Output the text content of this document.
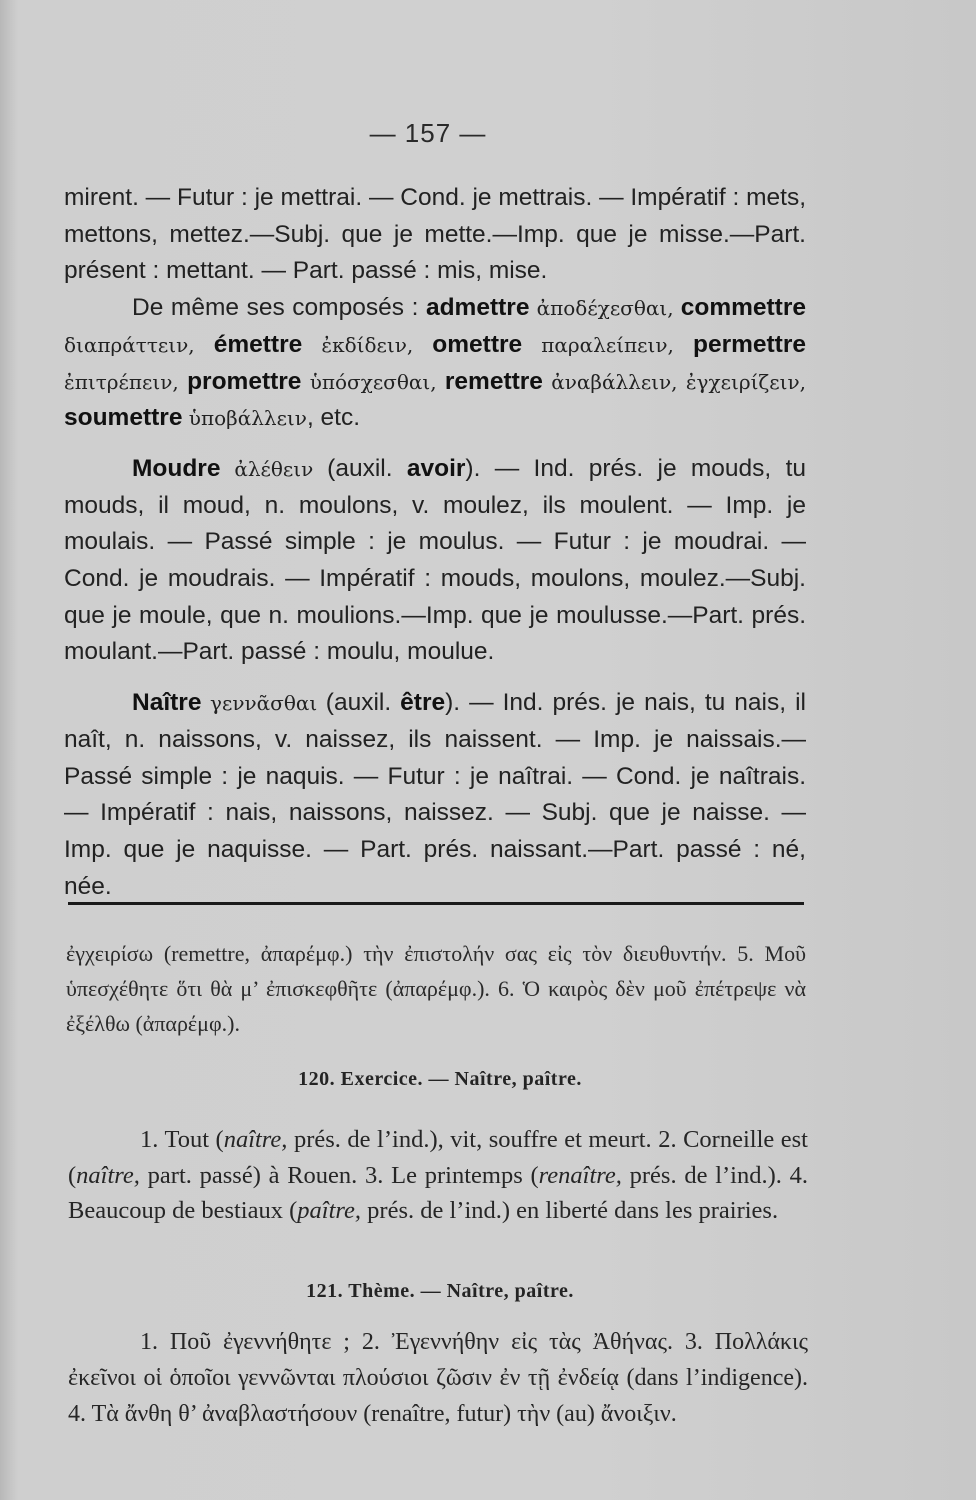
— 157 —

mirent. — Futur : je mettrai. — Cond. je mettrais. — Impératif : mets, mettons, mettez.—Subj. que je mette.—Imp. que je misse.—Part. présent : mettant. — Part. passé : mis, mise.

De même ses composés : admettre ἀποδέχεσθαι, commettre διαπράττειν, émettre ἐκδίδειν, omettre παραλείπειν, permettre ἐπιτρέπειν, promettre ὑπόσχεσθαι, remettre ἀναβάλλειν, ἐγχειρίζειν, soumettre ὑποβάλλειν, etc.

Moudre ἀλέθειν (auxil. avoir). — Ind. prés. je mouds, tu mouds, il moud, n. moulons, v. moulez, ils moulent. — Imp. je moulais. — Passé simple : je moulus. — Futur : je moudrai. — Cond. je moudrais. — Impératif : mouds, moulons, moulez.—Subj. que je moule, que n. moulions.—Imp. que je moulusse.—Part. prés. moulant.—Part. passé : moulu, moulue.

Naître γεννᾶσθαι (auxil. être). — Ind. prés. je nais, tu nais, il naît, n. naissons, v. naissez, ils naissent. — Imp. je naissais.—Passé simple : je naquis. — Futur : je naîtrai. — Cond. je naîtrais. — Impératif : nais, naissons, naissez. — Subj. que je naisse. — Imp. que je naquisse. — Part. prés. naissant.—Part. passé : né, née.

ἐγχειρίσω (remettre, ἀπαρέμφ.) τὴν ἐπιστολήν σας εἰς τὸν διευθυντήν. 5. Μοῦ ὑπεσχέθητε ὅτι θὰ μ’ ἐπισκεφθῆτε (ἀπαρέμφ.). 6. Ὁ καιρὸς δὲν μοῦ ἐπέτρεψε νὰ ἐξέλθω (ἀπαρέμφ.).

120. Exercice. — Naître, paître.

1. Tout (naître, prés. de l’ind.), vit, souffre et meurt. 2. Corneille est (naître, part. passé) à Rouen. 3. Le printemps (renaître, prés. de l’ind.). 4. Beaucoup de bestiaux (paître, prés. de l’ind.) en liberté dans les prairies.

121. Thème. — Naître, paître.

1. Ποῦ ἐγεννήθητε ; 2. Ἐγεννήθην εἰς τὰς Ἀθήνας. 3. Πολλάκις ἐκεῖνοι οἱ ὁποῖοι γεννῶνται πλούσιοι ζῶσιν ἐν τῇ ἐνδείᾳ (dans l’indigence). 4. Τὰ ἄνθη θ’ ἀναβλαστήσουν (renaître, futur) τὴν (au) ἄνοιξιν.
